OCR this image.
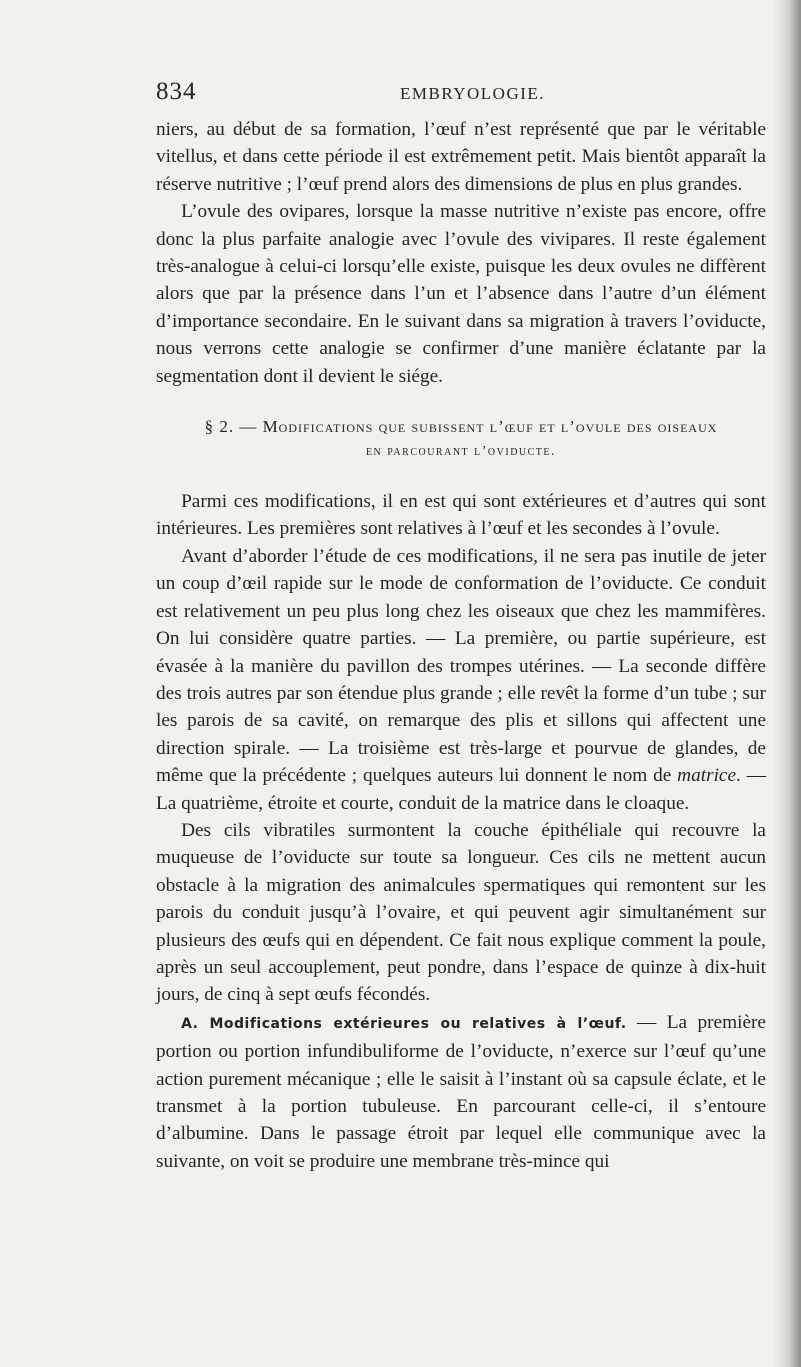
834	EMBRYOLOGIE.

niers, au début de sa formation, l’œuf n’est représenté que par le véritable vitellus, et dans cette période il est extrêmement petit. Mais bientôt apparaît la réserve nutritive ; l’œuf prend alors des dimensions de plus en plus grandes.

L’ovule des ovipares, lorsque la masse nutritive n’existe pas encore, offre donc la plus parfaite analogie avec l’ovule des vivipares. Il reste également très-analogue à celui-ci lorsqu’elle existe, puisque les deux ovules ne diffèrent alors que par la présence dans l’un et l’absence dans l’autre d’un élément d’importance secondaire. En le suivant dans sa migration à travers l’oviducte, nous verrons cette analogie se confirmer d’une manière éclatante par la segmentation dont il devient le siége.

§ 2. — Modifications que subissent l’œuf et l’ovule des oiseaux
en parcourant l’oviducte.

Parmi ces modifications, il en est qui sont extérieures et d’autres qui sont intérieures. Les premières sont relatives à l’œuf et les secondes à l’ovule.

Avant d’aborder l’étude de ces modifications, il ne sera pas inutile de jeter un coup d’œil rapide sur le mode de conformation de l’oviducte. Ce conduit est relativement un peu plus long chez les oiseaux que chez les mammifères. On lui considère quatre parties. — La première, ou partie supérieure, est évasée à la manière du pavillon des trompes utérines. — La seconde diffère des trois autres par son étendue plus grande ; elle revêt la forme d’un tube ; sur les parois de sa cavité, on remarque des plis et sillons qui affectent une direction spirale. — La troisième est très-large et pourvue de glandes, de même que la précédente ; quelques auteurs lui donnent le nom de matrice. — La quatrième, étroite et courte, conduit de la matrice dans le cloaque.

Des cils vibratiles surmontent la couche épithéliale qui recouvre la muqueuse de l’oviducte sur toute sa longueur. Ces cils ne mettent aucun obstacle à la migration des animalcules spermatiques qui remontent sur les parois du conduit jusqu’à l’ovaire, et qui peuvent agir simultanément sur plusieurs des œufs qui en dépendent. Ce fait nous explique comment la poule, après un seul accouplement, peut pondre, dans l’espace de quinze à dix-huit jours, de cinq à sept œufs fécondés.

A. Modifications extérieures ou relatives à l’œuf. — La première portion ou portion infundibuliforme de l’oviducte, n’exerce sur l’œuf qu’une action purement mécanique ; elle le saisit à l’instant où sa capsule éclate, et le transmet à la portion tubuleuse. En parcourant celle-ci, il s’entoure d’albumine. Dans le passage étroit par lequel elle communique avec la suivante, on voit se produire une membrane très-mince qui
